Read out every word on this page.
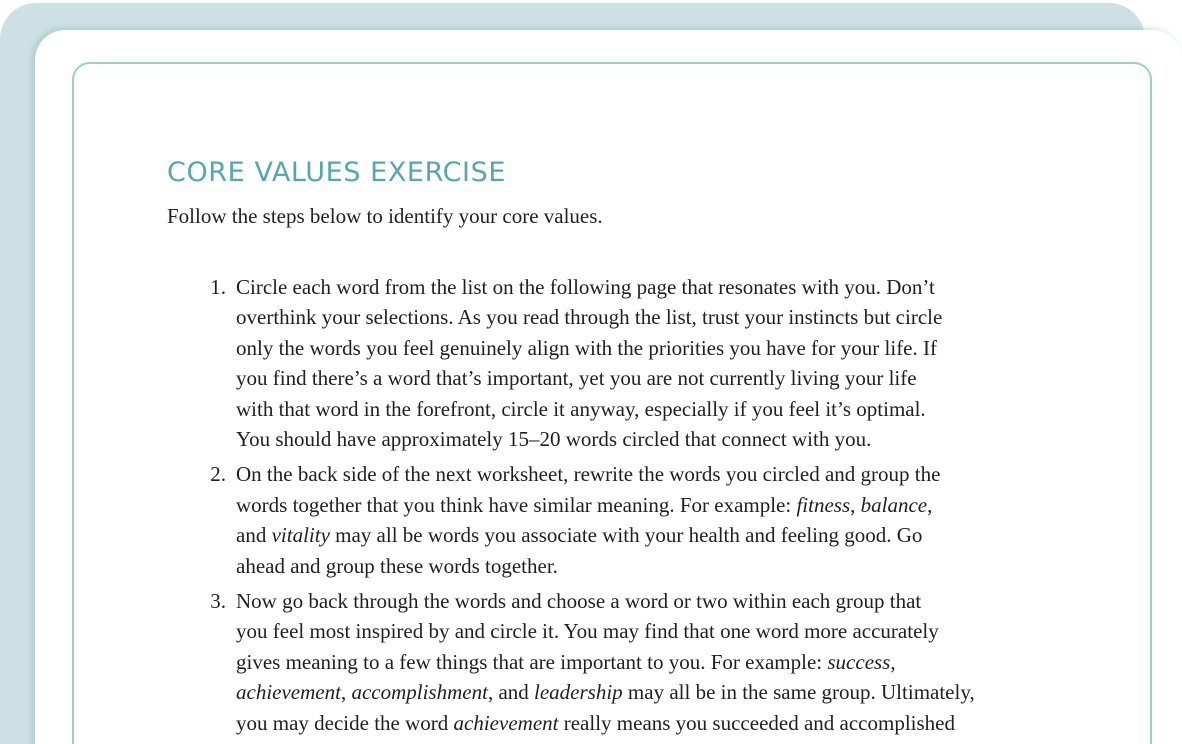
CORE VALUES EXERCISE

Follow the steps below to identify your core values.

1. Circle each word from the list on the following page that resonates with you. Don’t
overthink your selections. As you read through the list, trust your instincts but circle
only the words you feel genuinely align with the priorities you have for your life. If
you find there’s a word that’s important, yet you are not currently living your life
with that word in the forefront, circle it anyway, especially if you feel it’s optimal.
You should have approximately 15–20 words circled that connect with you.
2. On the back side of the next worksheet, rewrite the words you circled and group the
words together that you think have similar meaning. For example: fitness, balance,
and vitality may all be words you associate with your health and feeling good. Go
ahead and group these words together.
3. Now go back through the words and choose a word or two within each group that
you feel most inspired by and circle it. You may find that one word more accurately
gives meaning to a few things that are important to you. For example: success,
achievement, accomplishment, and leadership may all be in the same group. Ultimately,
you may decide the word achievement really means you succeeded and accomplished
